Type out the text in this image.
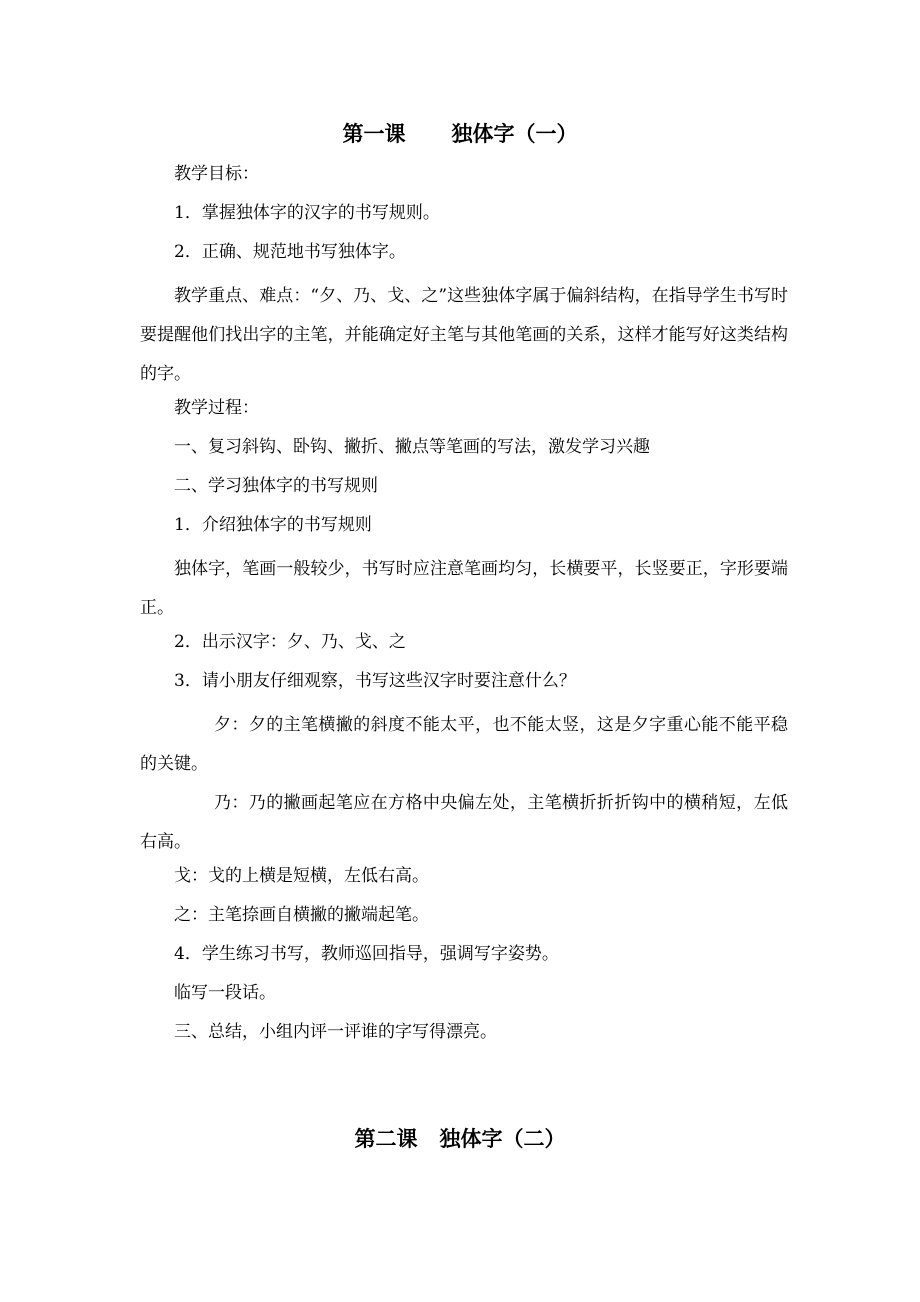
第一课 独体字（一）
教学目标：
1．掌握独体字的汉字的书写规则。
2．正确、规范地书写独体字。
教学重点、难点：“夕、乃、戈、之”这些独体字属于偏斜结构，在指导学生书写时要提醒他们找出字的主笔，并能确定好主笔与其他笔画的关系，这样才能写好这类结构的字。
教学过程：
一、复习斜钩、卧钩、撇折、撇点等笔画的写法，激发学习兴趣
二、学习独体字的书写规则
1．介绍独体字的书写规则
独体字，笔画一般较少，书写时应注意笔画均匀，长横要平，长竖要正，字形要端正。
2．出示汉字：夕、乃、戈、之
3．请小朋友仔细观察，书写这些汉字时要注意什么？
夕：夕的主笔横撇的斜度不能太平，也不能太竖，这是夕字重心能不能平稳的关键。
乃：乃的撇画起笔应在方格中央偏左处，主笔横折折折钩中的横稍短，左低右高。
戈：戈的上横是短横，左低右高。
之：主笔捺画自横撇的撇端起笔。
4．学生练习书写，教师巡回指导，强调写字姿势。
临写一段话。
三、总结，小组内评一评谁的字写得漂亮。
第二课 独体字（二）
